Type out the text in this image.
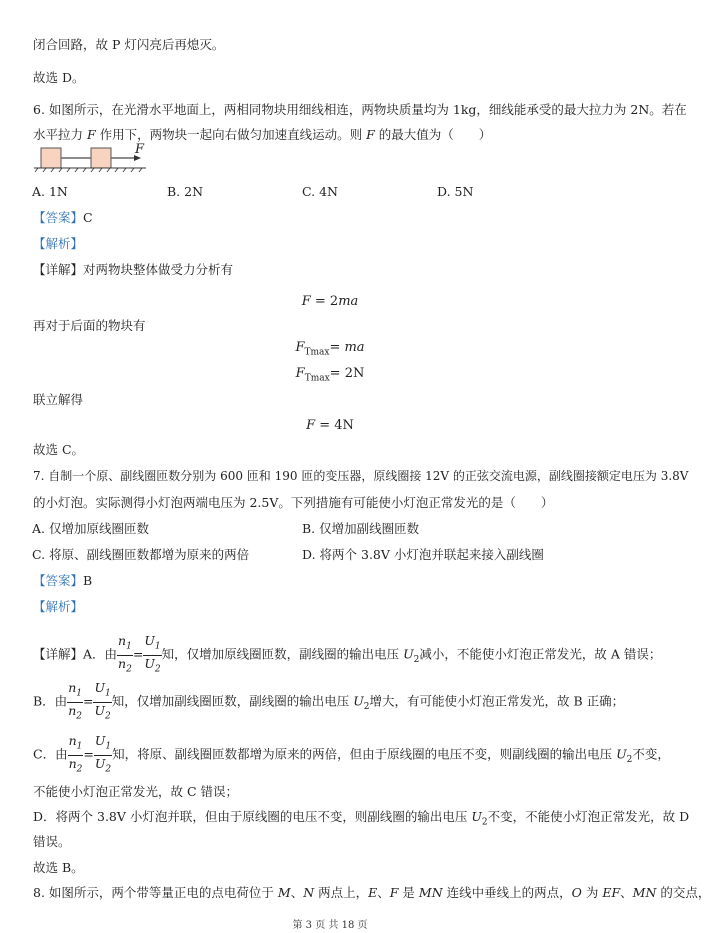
闭合回路，故 P 灯闪亮后再熄灭。
故选 D。
6. 如图所示，在光滑水平地面上，两相同物块用细线相连，两物块质量均为 1kg，细线能承受的最大拉力为 2N。若在
水平拉力 F 作用下，两物块一起向右做匀加速直线运动。则 F 的最大值为（　　）
F
A. 1N	B. 2N	C. 4N	D. 5N
【答案】C
【解析】
【详解】对两物块整体做受力分析有
F = 2ma
再对于后面的物块有
$F_{Tmax}=$ ma
$F_{Tmax}= 2N$
联立解得
F = 4N
故选 C。
7. 自制一个原、副线圈匝数分别为 600 匝和 190 匝的变压器，原线圈接 12V 的正弦交流电源，副线圈接额定电压为 3.8V
的小灯泡。实际测得小灯泡两端电压为 2.5V。下列措施有可能使小灯泡正常发光的是（　　）
A. 仅增加原线圈匝数	B. 仅增加副线圈匝数
C. 将原、副线圈匝数都增为原来的两倍	D. 将两个 3.8V 小灯泡并联起来接入副线圈
【答案】B
【解析】
【详解】A．由 $\frac{n_1}{n_2} = \frac{U_1}{U_2}$ 知，仅增加原线圈匝数，副线圈的输出电压 $U_2$减小，不能使小灯泡正常发光，故 A 错误；
B．由 $\frac{n_1}{n_2} = \frac{U_1}{U_2}$ 知，仅增加副线圈匝数，副线圈的输出电压 $U_2$增大，有可能使小灯泡正常发光，故 B 正确；
C．由 $\frac{n_1}{n_2} = \frac{U_1}{U_2}$ 知，将原、副线圈匝数都增为原来的两倍，但由于原线圈的电压不变，则副线圈的输出电压 $U_2$不变，
不能使小灯泡正常发光，故 C 错误；
D．将两个 3.8V 小灯泡并联，但由于原线圈的电压不变，则副线圈的输出电压 $U_2$不变，不能使小灯泡正常发光，故 D
错误。
故选 B。
8. 如图所示，两个带等量正电的点电荷位于 M、N 两点上，E、F 是 MN 连线中垂线上的两点，O 为 EF、MN 的交点，
第 3 页 共 18 页
